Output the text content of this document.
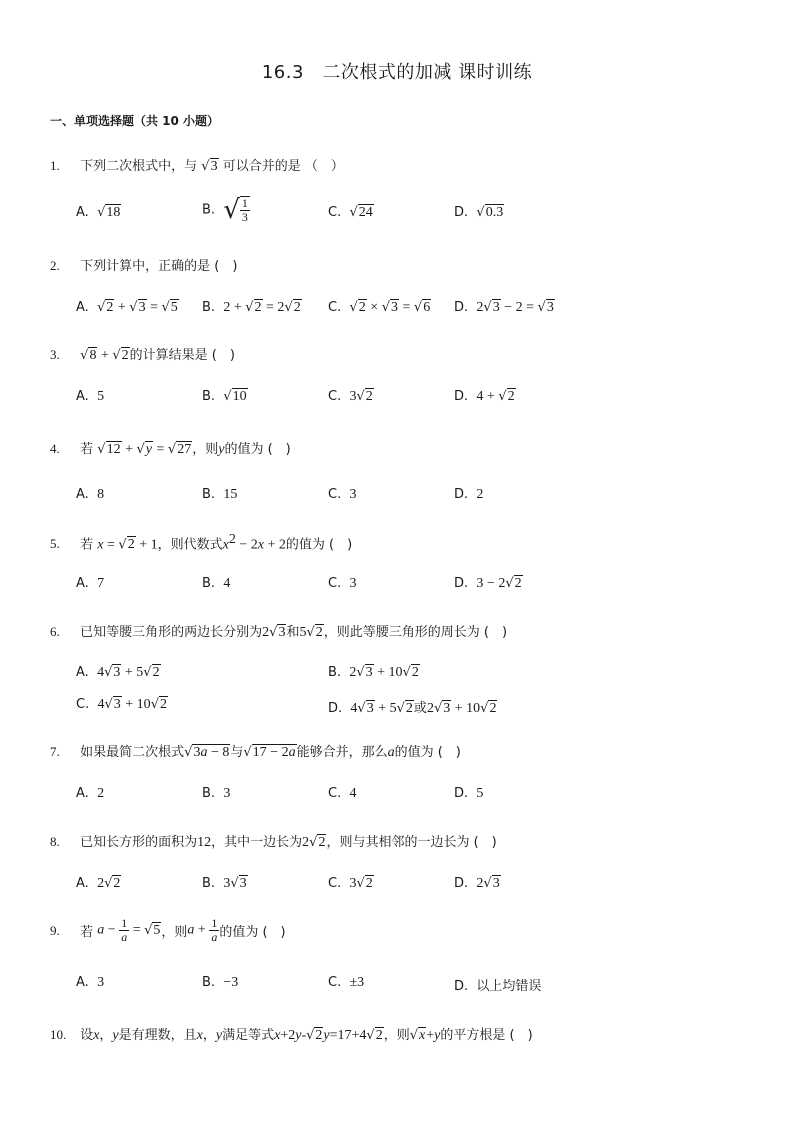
16.3　二次根式的加减 课时训练
一、单项选择题（共 10 小题）
1. 下列二次根式中，与 √3 可以合并的是 （　）
A. √18	B. √ $\frac{1}{3}$	C. √24	D. √0.3
2. 下列计算中，正确的是 (　)
A. √2 + √3 = √5 B. 2 + √2 = 2√2 C. √2 × √3 = √6 D. 2√3 − 2 = √3
3. √8 + √2的计算结果是 (　)
A. 5	B. √10	C. 3√2	D. 4 + √2
4. 若 √12 + √y = √27，则y的值为 (　)
A. 8	B. 15	C. 3	D. 2
5. 若 x = √2 + 1，则代数式$x^2 - 2x + 2$的值为 (　)
A. 7	B. 4	C. 3	D. 3 − 2√2
6. 已知等腰三角形的两边长分别为2√3和5√2，则此等腰三角形的周长为 (　)
A. 4√3 + 5√2	B. 2√3 + 10√2
C. 4√3 + 10√2	D. 4√3 + 5√2或2√3 + 10√2
7. 如果最简二次根式√3a − 8与√17 − 2a能够合并，那么a的值为 (　)
A. 2	B. 3	C. 4	D. 5
8. 已知长方形的面积为12，其中一边长为2√2，则与其相邻的一边长为 (　)
A. 2√2	B. 3√3	C. 3√2	D. 2√3
9. 若 $a - \frac{1}{a} = √5$，则$a + \frac{1}{a}$ 的值为 (　)
A. 3	B. −3	C. ±3	D. 以上均错误
10. 设x，y是有理数，且x，y满足等式x+2y-√2y=17+4√2，则√x+y的平方根是 (　)
